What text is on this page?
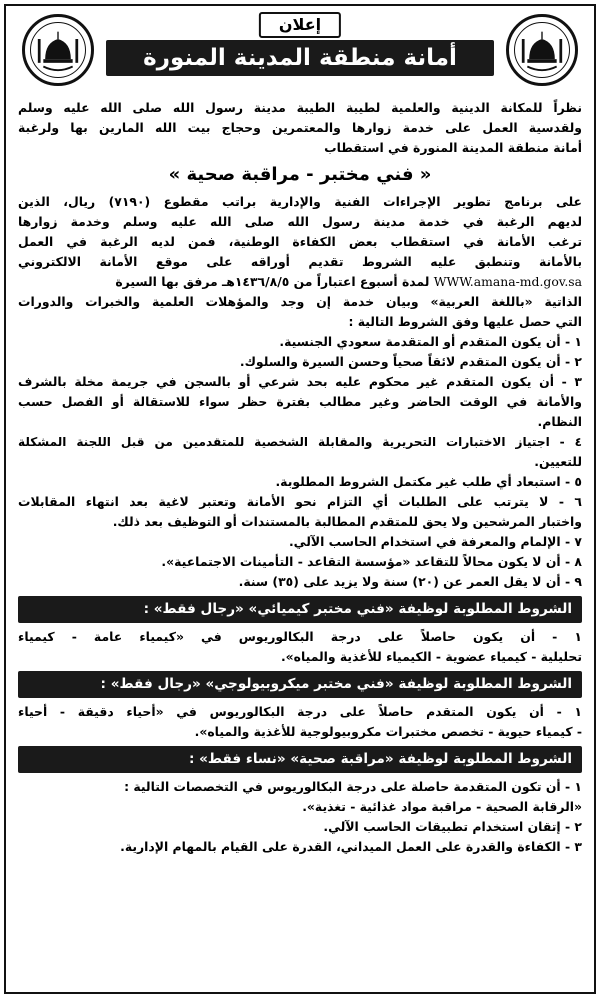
إعلان
أمانة منطقة المدينة المنورة
نظراً للمكانة الدينية والعلمية لطيبة الطيبة مدينة رسول الله صلى الله عليه وسلم
ولقدسية العمل على خدمة زوارها والمعتمرين وحجاج بيت الله المارين بها ولرغبة
أمانة منطقة المدينة المنورة في استقطاب
« فني مختبر - مراقبة صحية »
على برنامج تطوير الإجراءات الفنية والإدارية براتب مقطوع (٧١٩٠) ريال، الذين
لديهم الرغبة في خدمة مدينة رسول الله صلى الله عليه وسلم وخدمة زوارها
ترغب الأمانة في استقطاب بعض الكفاءة الوطنية، فمن لديه الرغبة في العمل
بالأمانة وتنطبق عليه الشروط تقديم أوراقه على موقع الأمانة الالكتروني
WWW.amana-md.gov.sa لمدة أسبوع اعتباراً من ١٤٣٦/٨/٥هـ مرفق بها السيرة
الذاتية «باللغة العربية» وبيان خدمة إن وجد والمؤهلات العلمية والخبرات والدورات
التي حصل عليها وفق الشروط التالية :
١ - أن يكون المتقدم أو المتقدمة سعودي الجنسية.
٢ - أن يكون المتقدم لائقاً صحياً وحسن السيرة والسلوك.
٣ - أن يكون المتقدم غير محكوم عليه بحد شرعي أو بالسجن في جريمة مخلة بالشرف
والأمانة في الوقت الحاضر وغير مطالب بفترة حظر سواء للاستقالة أو الفصل حسب
النظام.
٤ - اجتياز الاختبارات التحريرية والمقابلة الشخصية للمتقدمين من قبل اللجنة المشكلة
للتعيين.
٥ - استبعاد أي طلب غير مكتمل الشروط المطلوبة.
٦ - لا يترتب على الطلبات أي التزام نحو الأمانة وتعتبر لاغية بعد انتهاء المقابلات
واختبار المرشحين ولا يحق للمتقدم المطالبة بالمستندات أو التوظيف بعد ذلك.
٧ - الإلمام والمعرفة في استخدام الحاسب الآلي.
٨ - أن لا يكون محالاً للتقاعد «مؤسسة التقاعد - التأمينات الاجتماعية».
٩ - أن لا يقل العمر عن (٢٠) سنة ولا يزيد على (٣٥) سنة.
الشروط المطلوبة لوظيفة «فني مختبر كيميائي» «رجال فقط» :
١ - أن يكون حاصلاً على درجة البكالوريوس في «كيمياء عامة - كيمياء
تحليلية - كيمياء عضوية - الكيمياء للأغذية والمياه».
الشروط المطلوبة لوظيفة «فني مختبر ميكروبيولوجي» «رجال فقط» :
١ - أن يكون المتقدم حاصلاً على درجة البكالوريوس في «أحياء دقيقة - أحياء
- كيمياء حيوية - تخصص مختبرات مكروبيولوجية للأغذية والمياه».
الشروط المطلوبة لوظيفة «مراقبة صحية» «نساء فقط» :
١ - أن تكون المتقدمة حاصلة على درجة البكالوريوس في التخصصات التالية :
«الرقابة الصحية - مراقبة مواد غذائية - تغذية».
٢ - إتقان استخدام تطبيقات الحاسب الآلي.
٣ - الكفاءة والقدرة على العمل الميداني، القدرة على القيام بالمهام الإدارية.
